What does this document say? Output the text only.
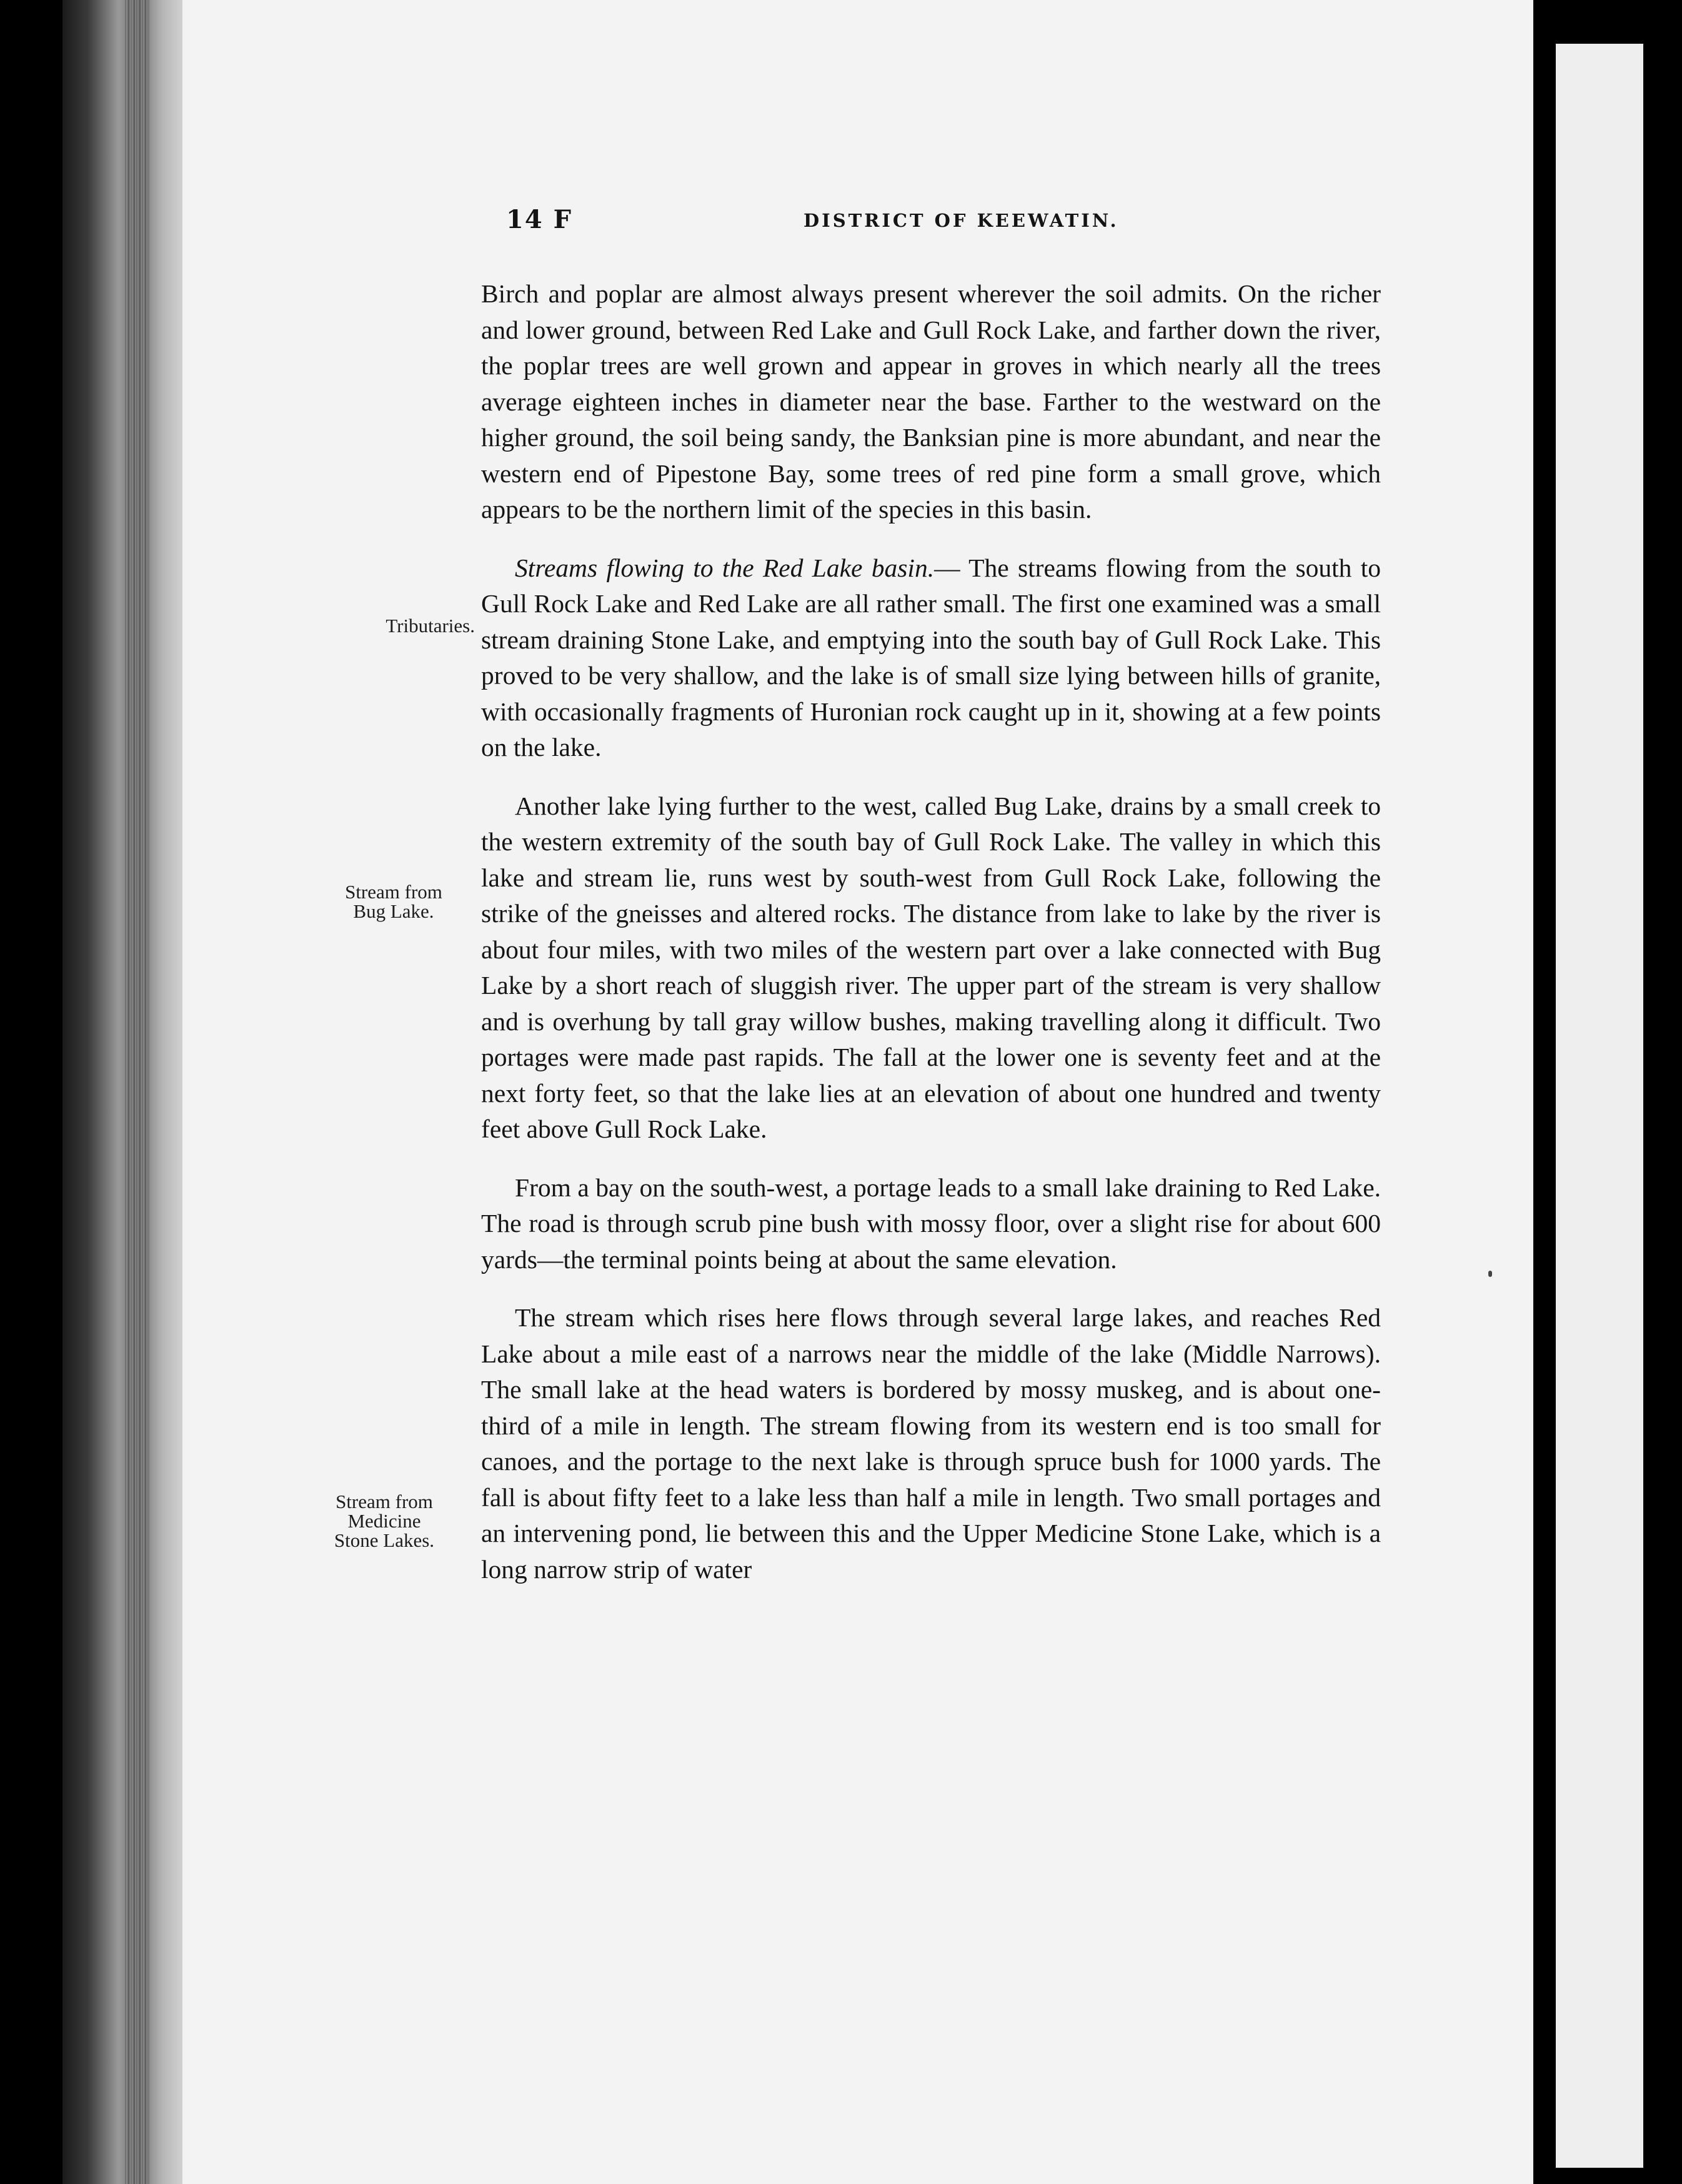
14 F	DISTRICT OF KEEWATIN.
Tributaries.
Stream from
Bug Lake.
Stream from
Medicine
Stone Lakes.

Birch and poplar are almost always present wherever the soil admits. On the richer and lower ground, between Red Lake and Gull Rock Lake, and farther down the river, the poplar trees are well grown and appear in groves in which nearly all the trees average eighteen inches in diameter near the base. Farther to the westward on the higher ground, the soil being sandy, the Banksian pine is more abundant, and near the western end of Pipestone Bay, some trees of red pine form a small grove, which appears to be the northern limit of the species in this basin.

Streams flowing to the Red Lake basin.— The streams flowing from the south to Gull Rock Lake and Red Lake are all rather small. The first one examined was a small stream draining Stone Lake, and emptying into the south bay of Gull Rock Lake. This proved to be very shallow, and the lake is of small size lying between hills of granite, with occasionally fragments of Huronian rock caught up in it, showing at a few points on the lake.

Another lake lying further to the west, called Bug Lake, drains by a small creek to the western extremity of the south bay of Gull Rock Lake. The valley in which this lake and stream lie, runs west by south-west from Gull Rock Lake, following the strike of the gneisses and altered rocks. The distance from lake to lake by the river is about four miles, with two miles of the western part over a lake connected with Bug Lake by a short reach of sluggish river. The upper part of the stream is very shallow and is overhung by tall gray willow bushes, making travelling along it difficult. Two portages were made past rapids. The fall at the lower one is seventy feet and at the next forty feet, so that the lake lies at an elevation of about one hundred and twenty feet above Gull Rock Lake.

From a bay on the south-west, a portage leads to a small lake draining to Red Lake. The road is through scrub pine bush with mossy floor, over a slight rise for about 600 yards—the terminal points being at about the same elevation.

The stream which rises here flows through several large lakes, and reaches Red Lake about a mile east of a narrows near the middle of the lake (Middle Narrows). The small lake at the head waters is bordered by mossy muskeg, and is about one-third of a mile in length. The stream flowing from its western end is too small for canoes, and the portage to the next lake is through spruce bush for 1000 yards. The fall is about fifty feet to a lake less than half a mile in length. Two small portages and an intervening pond, lie between this and the Upper Medicine Stone Lake, which is a long narrow strip of water
